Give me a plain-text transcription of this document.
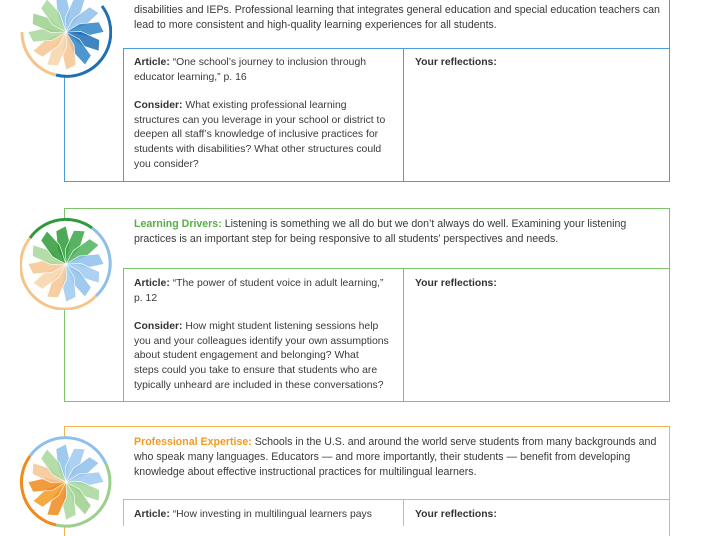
disabilities and IEPs. Professional learning that integrates general education and special education teachers can
lead to more consistent and high-quality learning experiences for all students.
Article: “One school’s journey to inclusion through
educator learning,” p. 16
Consider: What existing professional learning
structures can you leverage in your school or district to
deepen all staff’s knowledge of inclusive practices for
students with disabilities? What other structures could
you consider?
Your reflections:
Learning Drivers: Listening is something we all do but we don’t always do well. Examining your listening
practices is an important step for being responsive to all students’ perspectives and needs.
Article: “The power of student voice in adult learning,”
p. 12
Consider: How might student listening sessions help
you and your colleagues identify your own assumptions
about student engagement and belonging? What
steps could you take to ensure that students who are
typically unheard are included in these conversations?
Your reflections:
Professional Expertise: Schools in the U.S. and around the world serve students from many backgrounds and
who speak many languages. Educators — and more importantly, their students — benefit from developing
knowledge about effective instructional practices for multilingual learners.
Article: “How investing in multilingual learners pays	Your reflections:
